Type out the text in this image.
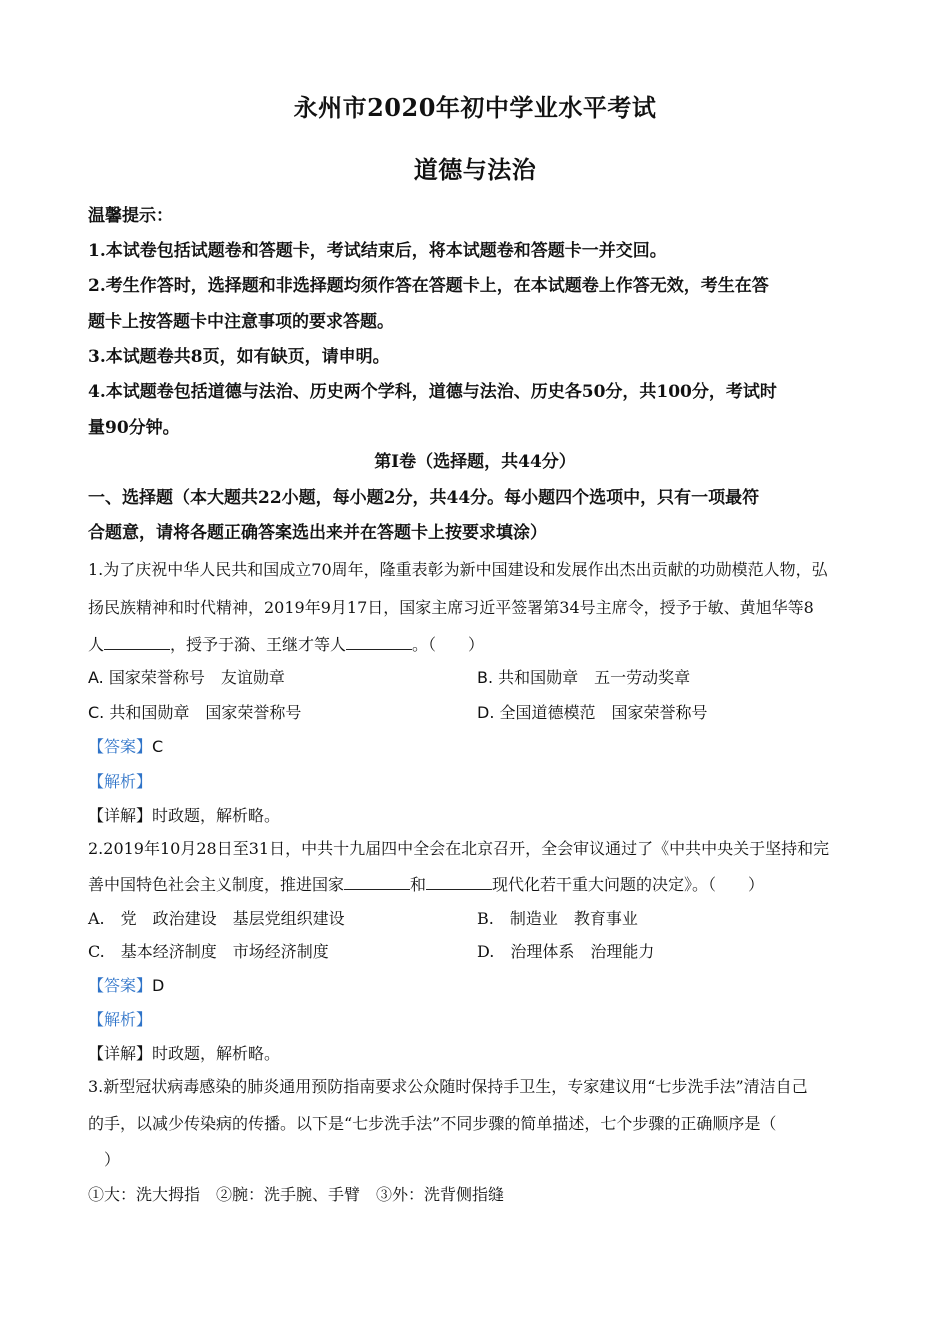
永州市2020年初中学业水平考试
道德与法治
温馨提示：
1.本试卷包括试题卷和答题卡，考试结束后，将本试题卷和答题卡一并交回。
2.考生作答时，选择题和非选择题均须作答在答题卡上，在本试题卷上作答无效，考生在答
题卡上按答题卡中注意事项的要求答题。
3.本试题卷共8页，如有缺页，请申明。
4.本试题卷包括道德与法治、历史两个学科，道德与法治、历史各50分，共100分，考试时
量90分钟。
第Ⅰ卷（选择题，共44分）
一、选择题（本大题共22小题，每小题2分，共44分。每小题四个选项中，只有一项最符
合题意，请将各题正确答案选出来并在答题卡上按要求填涂）
1.为了庆祝中华人民共和国成立70周年，隆重表彰为新中国建设和发展作出杰出贡献的功勋模范人物，弘
扬民族精神和时代精神，2019年9月17日，国家主席习近平签署第34号主席令，授予于敏、黄旭华等8
人	，授予于漪、王继才等人	。（　　）
A. 国家荣誉称号　友谊勋章	B. 共和国勋章　五一劳动奖章
C. 共和国勋章　国家荣誉称号	D. 全国道德模范　国家荣誉称号
【答案】C
【解析】
【详解】时政题，解析略。
2.2019年10月28日至31日，中共十九届四中全会在北京召开，全会审议通过了《中共中央关于坚持和完
善中国特色社会主义制度，推进国家	和	现代化若干重大问题的决定》。（　　）
A.　党　政治建设　基层党组织建设	B.　制造业　教育事业
C.　基本经济制度　市场经济制度	D.　治理体系　治理能力
【答案】D
【解析】
【详解】时政题，解析略。
3.新型冠状病毒感染的肺炎通用预防指南要求公众随时保持手卫生，专家建议用“七步洗手法”清洁自己
的手，以减少传染病的传播。以下是“七步洗手法”不同步骤的简单描述，七个步骤的正确顺序是（
　）
①大：洗大拇指　②腕：洗手腕、手臂　③外：洗背侧指缝
